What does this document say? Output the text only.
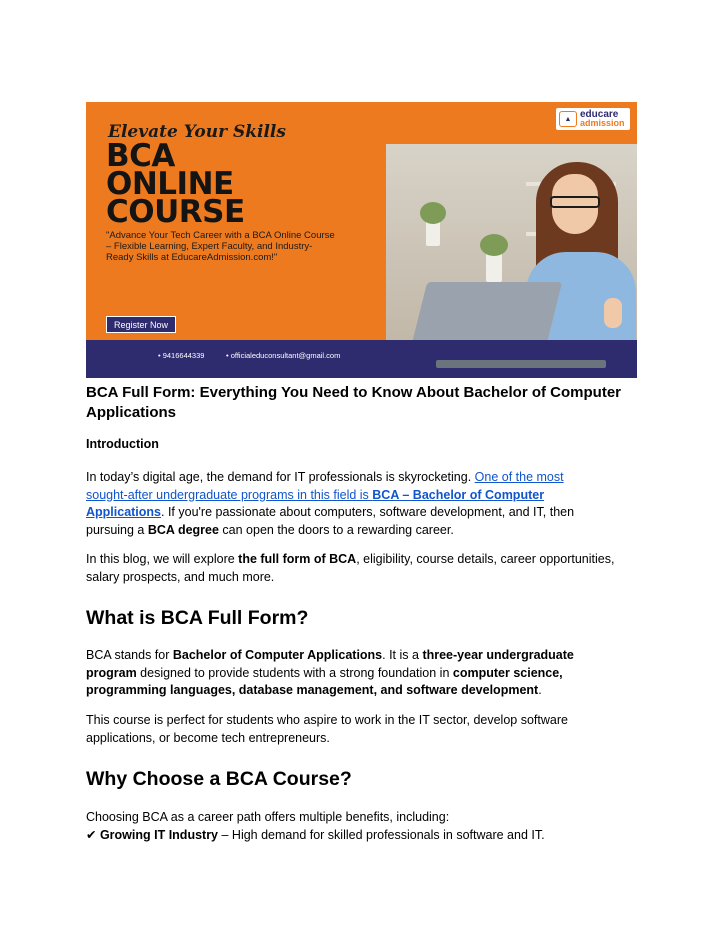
▲ educare
admission
Elevate Your Skills
BCA
ONLINE
COURSE
"Advance Your Tech Career with a BCA Online Course – Flexible Learning, Expert Faculty, and Industry-Ready Skills at EducareAdmission.com!"
Register Now
• 9416644339	• officialeduconsultant@gmail.com
BCA Full Form: Everything You Need to Know About Bachelor of Computer
Applications
Introduction
In today’s digital age, the demand for IT professionals is skyrocketing. One of the most
sought-after undergraduate programs in this field is BCA – Bachelor of Computer
Applications. If you're passionate about computers, software development, and IT, then
pursuing a BCA degree can open the doors to a rewarding career.
In this blog, we will explore the full form of BCA, eligibility, course details, career opportunities,
salary prospects, and much more.
What is BCA Full Form?
BCA stands for Bachelor of Computer Applications. It is a three-year undergraduate
program designed to provide students with a strong foundation in computer science,
programming languages, database management, and software development.
This course is perfect for students who aspire to work in the IT sector, develop software
applications, or become tech entrepreneurs.
Why Choose a BCA Course?
Choosing BCA as a career path offers multiple benefits, including:
✔ Growing IT Industry – High demand for skilled professionals in software and IT.
